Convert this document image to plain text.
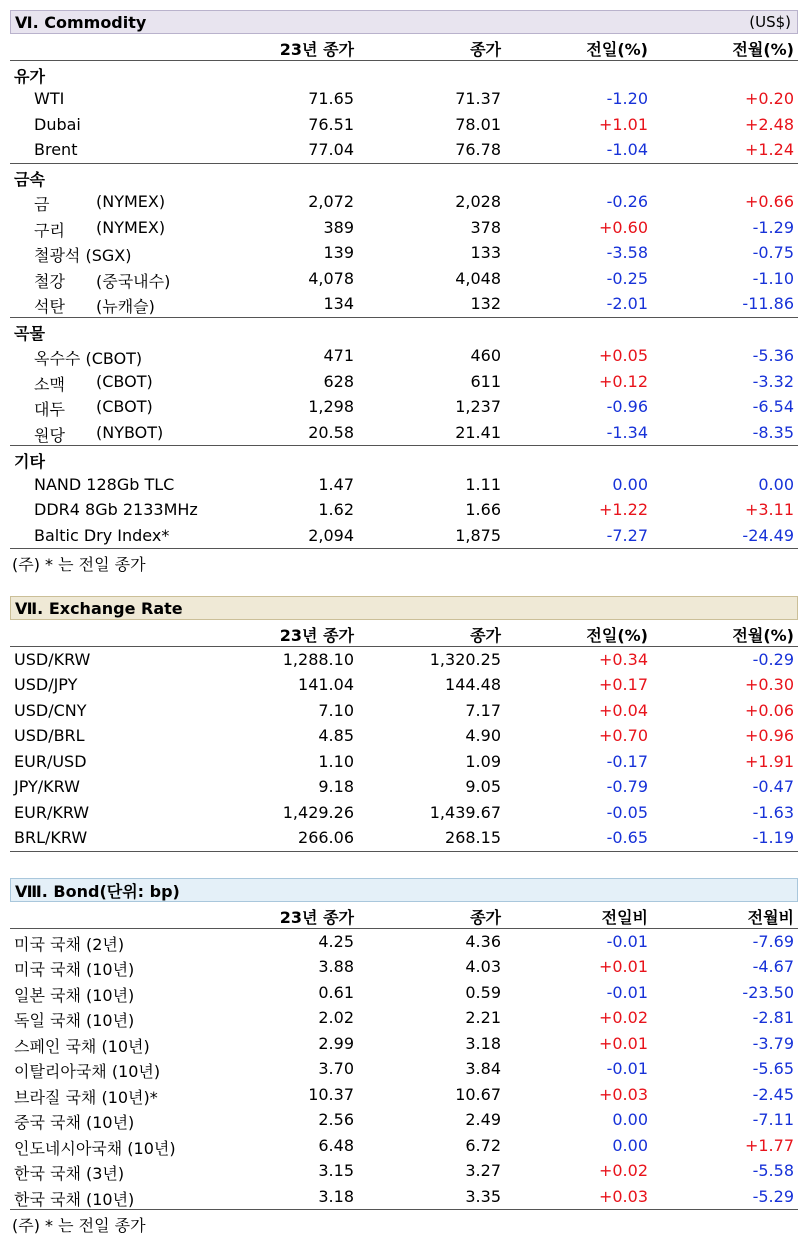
Ⅵ. Commodity	(US$)
23년 종가	종가	전일(%)	전월(%)
유가
WTI	71.65	71.37	-1.20	+0.20
Dubai	76.51	78.01	+1.01	+2.48
Brent	77.04	76.78	-1.04	+1.24
금속
금	(NYMEX)	2,072	2,028	-0.26	+0.66
구리 (NYMEX)	389	378	+0.60	-1.29
철광석 (SGX)	139	133	-3.58	-0.75
철강 (중국내수)	4,078	4,048	-0.25	-1.10
석탄 (뉴캐슬)	134	132	-2.01	-11.86
곡물
옥수수 (CBOT)	471	460	+0.05	-5.36
소맥 (CBOT)	628	611	+0.12	-3.32
대두 (CBOT)	1,298	1,237	-0.96	-6.54
원당 (NYBOT)	20.58	21.41	-1.34	-8.35
기타
NAND 128Gb TLC	1.47	1.11	0.00	0.00
DDR4 8Gb 2133MHz	1.62	1.66	+1.22	+3.11
Baltic Dry Index*	2,094	1,875	-7.27	-24.49
(주) * 는 전일 종가
Ⅶ. Exchange Rate
23년 종가	종가	전일(%)	전월(%)
USD/KRW	1,288.10	1,320.25	+0.34	-0.29
USD/JPY	141.04	144.48	+0.17	+0.30
USD/CNY	7.10	7.17	+0.04	+0.06
USD/BRL	4.85	4.90	+0.70	+0.96
EUR/USD	1.10	1.09	-0.17	+1.91
JPY/KRW	9.18	9.05	-0.79	-0.47
EUR/KRW	1,429.26	1,439.67	-0.05	-1.63
BRL/KRW	266.06	268.15	-0.65	-1.19
Ⅷ. Bond(단위: bp)
23년 종가	종가	전일비	전월비
미국 국채 (2년)	4.25	4.36	-0.01	-7.69
미국 국채 (10년)	3.88	4.03	+0.01	-4.67
일본 국채 (10년)	0.61	0.59	-0.01	-23.50
독일 국채 (10년)	2.02	2.21	+0.02	-2.81
스페인 국채 (10년)	2.99	3.18	+0.01	-3.79
이탈리아국채 (10년)	3.70	3.84	-0.01	-5.65
브라질 국채 (10년)*	10.37	10.67	+0.03	-2.45
중국 국채 (10년)	2.56	2.49	0.00	-7.11
인도네시아국채 (10년)	6.48	6.72	0.00	+1.77
한국 국채 (3년)	3.15	3.27	+0.02	-5.58
한국 국채 (10년)	3.18	3.35	+0.03	-5.29
(주) * 는 전일 종가
